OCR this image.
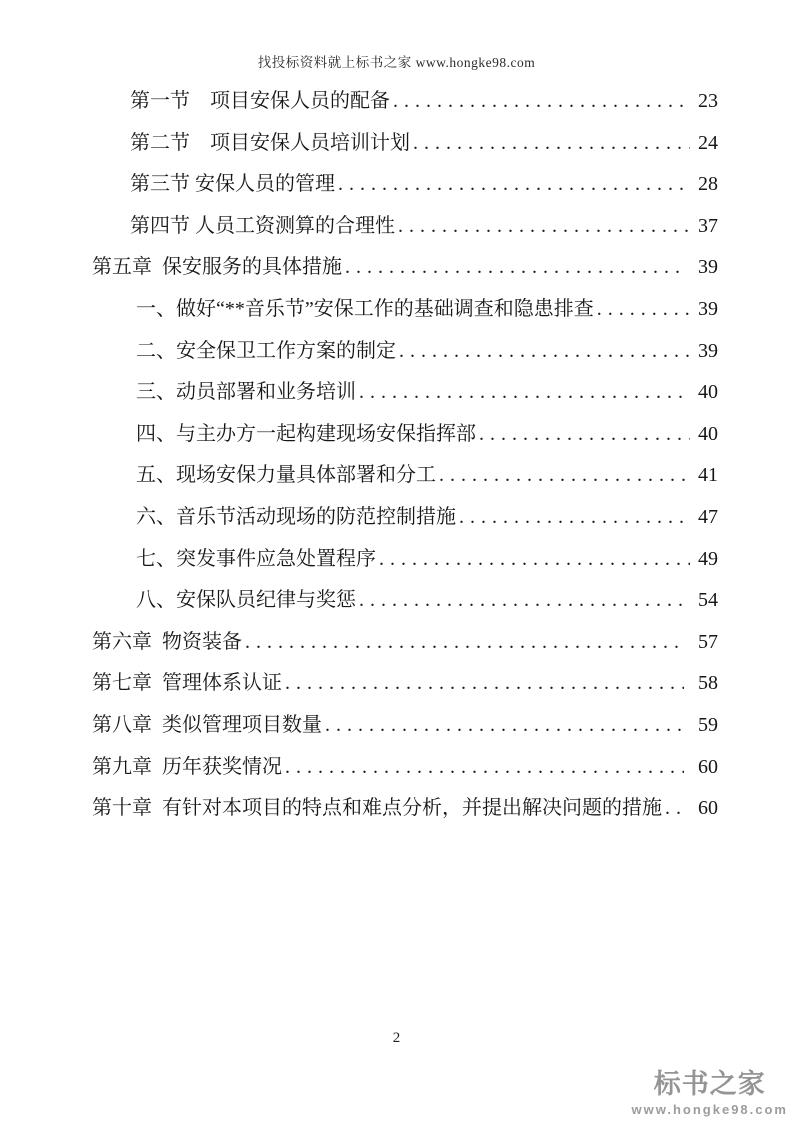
找投标资料就上标书之家 www.hongke98.com
第一节　项目安保人员的配备 . . .	23
第二节　项目安保人员培训计划 . . .	24
第三节 安保人员的管理 . . .	28
第四节 人员工资测算的合理性 . . .	37
第五章 保安服务的具体措施 . . .	39
一、做好“**音乐节”安保工作的基础调查和隐患排查 . . .	39
二、安全保卫工作方案的制定 . . .	39
三、动员部署和业务培训 . . .	40
四、与主办方一起构建现场安保指挥部 . . .	40
五、现场安保力量具体部署和分工 . . .	41
六、音乐节活动现场的防范控制措施 . . .	47
七、突发事件应急处置程序 . . .	49
八、安保队员纪律与奖惩 . . .	54
第六章 物资装备 . . .	57
第七章 管理体系认证 . . .	58
第八章 类似管理项目数量 . . .	59
第九章 历年获奖情况 . . .	60
第十章 有针对本项目的特点和难点分析，并提出解决问题的措施 . . .	60
2
标书之家
www.hongke98.com
